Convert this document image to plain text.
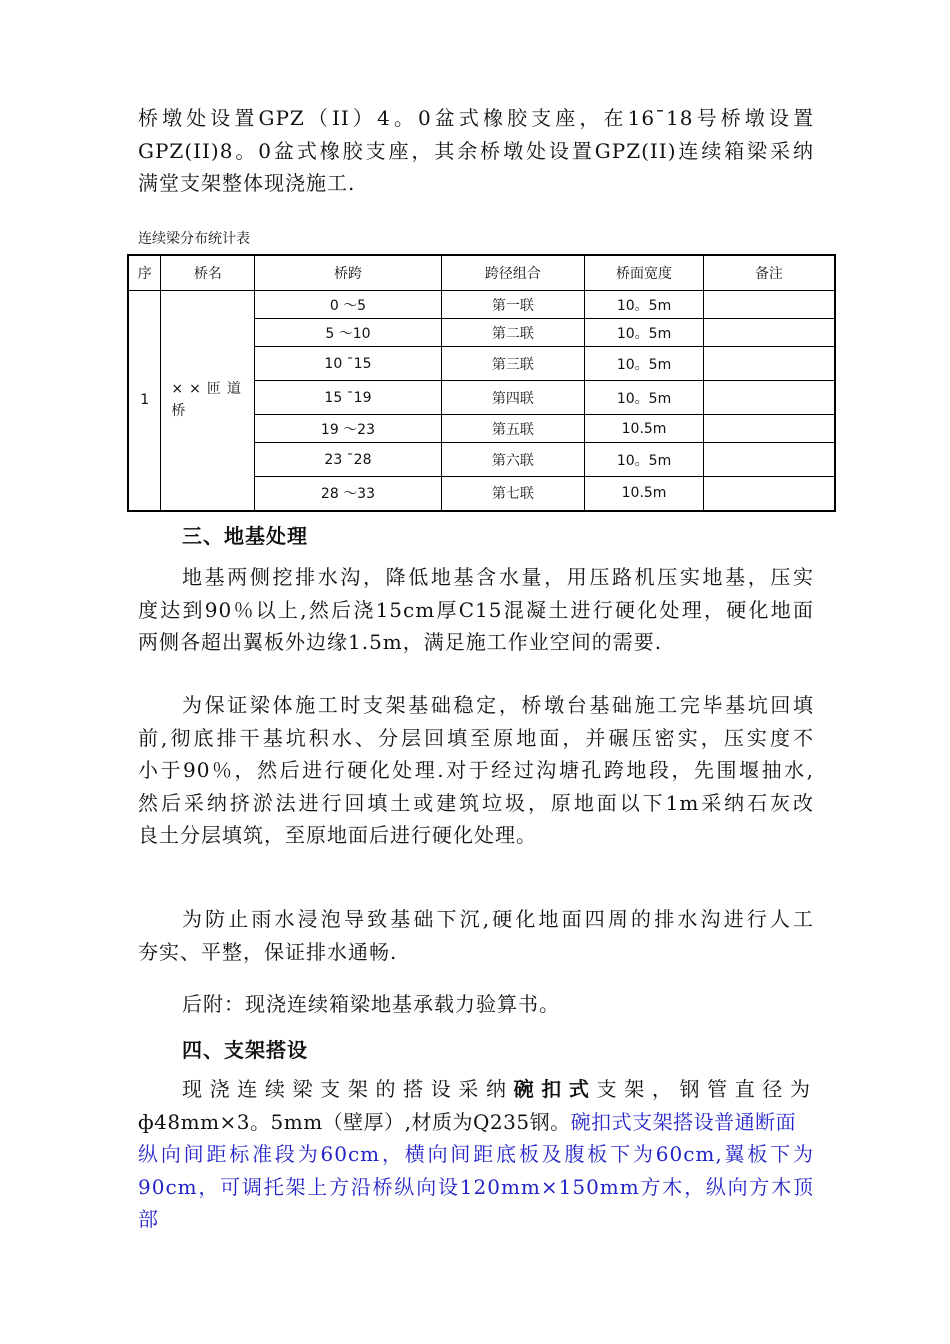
桥墩处设置GPZ（II）4。0盆式橡胶支座，在16¯18号桥墩设置
GPZ(II)8。0盆式橡胶支座，其余桥墩处设置GPZ(II)连续箱梁采纳
满堂支架整体现浇施工.

连续梁分布统计表

序	桥名	桥跨	跨径组合	桥面宽度	备注
1	××匝道桥	0 ～5	第一联	10。5m	
		5 ～10	第二联	10。5m	
		10 ¯15	第三联	10。5m	
		15 ¯19	第四联	10。5m	
		19 ～23	第五联	10.5m	
		23 ¯28	第六联	10。5m	
		28 ～33	第七联	10.5m	

三、地基处理

地基两侧挖排水沟，降低地基含水量，用压路机压实地基，压实
度达到90％以上,然后浇15cm厚C15混凝土进行硬化处理，硬化地面
两侧各超出翼板外边缘1.5m，满足施工作业空间的需要.
为保证梁体施工时支架基础稳定，桥墩台基础施工完毕基坑回填
前,彻底排干基坑积水、分层回填至原地面，并碾压密实，压实度不
小于90％，然后进行硬化处理.对于经过沟塘孔跨地段，先围堰抽水,
然后采纳挤淤法进行回填土或建筑垃圾，原地面以下1m采纳石灰改
良土分层填筑，至原地面后进行硬化处理。
为防止雨水浸泡导致基础下沉,硬化地面四周的排水沟进行人工
夯实、平整，保证排水通畅.
后附：现浇连续箱梁地基承载力验算书。

四、支架搭设

现浇连续梁支架的搭设采纳碗扣式支架，钢管直径为
ф48mm×3。5mm（壁厚）,材质为Q235钢。碗扣式支架搭设普通断面
纵向间距标准段为60cm，横向间距底板及腹板下为60cm,翼板下为
90cm，可调托架上方沿桥纵向设120mm×150mm方木，纵向方木顶部
